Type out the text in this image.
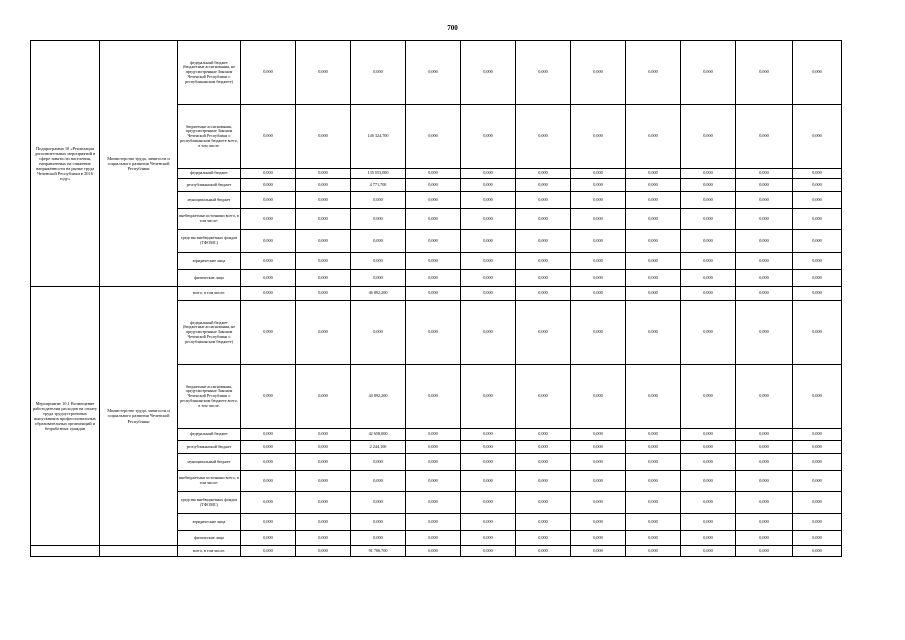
700
Подпрограмма 10 «Реализация дополнительных мероприятий в сфере занятости населения, направленных на снижение напряжённости на рынке труда Чеченской Республики в 2016 году»	Министерство труда, занятости и социального развития Чеченской Республики	федеральный бюджет (бюджетные ассигнования, не предусмотренные Законом Чеченской Республики о республиканском бюджете)	0,000	0,000	0,000	0,000	0,000	0,000	0,000	0,000	0,000	0,000	0,000
		бюджетные ассигнования, предусмотренные Законом Чеченской Республики о республиканском бюджете всего, в том числе:	0,000	0,000	140 324,700	0,000	0,000	0,000	0,000	0,000	0,000	0,000	0,000
		федеральный бюджет	0,000	0,000	135 553,000	0,000	0,000	0,000	0,000	0,000	0,000	0,000	0,000
		республиканский бюджет	0,000	0,000	4 771,700	0,000	0,000	0,000	0,000	0,000	0,000	0,000	0,000
		муниципальный бюджет	0,000	0,000	0,000	0,000	0,000	0,000	0,000	0,000	0,000	0,000	0,000
		внебюджетные источники всего, в том числе:	0,000	0,000	0,000	0,000	0,000	0,000	0,000	0,000	0,000	0,000	0,000
		средства внебюджетных фондов (ТФОМС)	0,000	0,000	0,000	0,000	0,000	0,000	0,000	0,000	0,000	0,000	0,000
		юридические лица	0,000	0,000	0,000	0,000	0,000	0,000	0,000	0,000	0,000	0,000	0,000
		физические лица	0,000	0,000	0,000	0,000	0,000	0,000	0,000	0,000	0,000	0,000	0,000
Мероприятие 10.1 Возмещение работодателям расходов на оплату труда трудоустроенных выпускников профессиональных образовательных организаций и безработных граждан	Министерство труда, занятости и социального развития Чеченской Республики	всего, в том числе:	0,000	0,000	46 892,200	0,000	0,000	0,000	0,000	0,000	0,000	0,000	0,000
		федеральный бюджет (бюджетные ассигнования, не предусмотренные Законом Чеченской Республики о республиканском бюджете)	0,000	0,000	0,000	0,000	0,000	0,000	0,000	0,000	0,000	0,000	0,000
		бюджетные ассигнования, предусмотренные Законом Чеченской Республики о республиканском бюджете всего, в том числе:	0,000	0,000	44 892,200	0,000	0,000	0,000	0,000	0,000	0,000	0,000	0,000
		федеральный бюджет	0,000	0,000	42 658,000	0,000	0,000	0,000	0,000	0,000	0,000	0,000	0,000
		республиканский бюджет	0,000	0,000	2 244,100	0,000	0,000	0,000	0,000	0,000	0,000	0,000	0,000
		муниципальный бюджет	0,000	0,000	0,000	0,000	0,000	0,000	0,000	0,000	0,000	0,000	0,000
		внебюджетные источники всего, в том числе:	0,000	0,000	0,000	0,000	0,000	0,000	0,000	0,000	0,000	0,000	0,000
		средства внебюджетных фондов (ТФОМС)	0,000	0,000	0,000	0,000	0,000	0,000	0,000	0,000	0,000	0,000	0,000
		юридические лица	0,000	0,000	0,000	0,000	0,000	0,000	0,000	0,000	0,000	0,000	0,000
		физические лица	0,000	0,000	0,000	0,000	0,000	0,000	0,000	0,000	0,000	0,000	0,000
		всего, в том числе:	0,000	0,000	91 706,700	0,000	0,000	0,000	0,000	0,000	0,000	0,000	0,000
